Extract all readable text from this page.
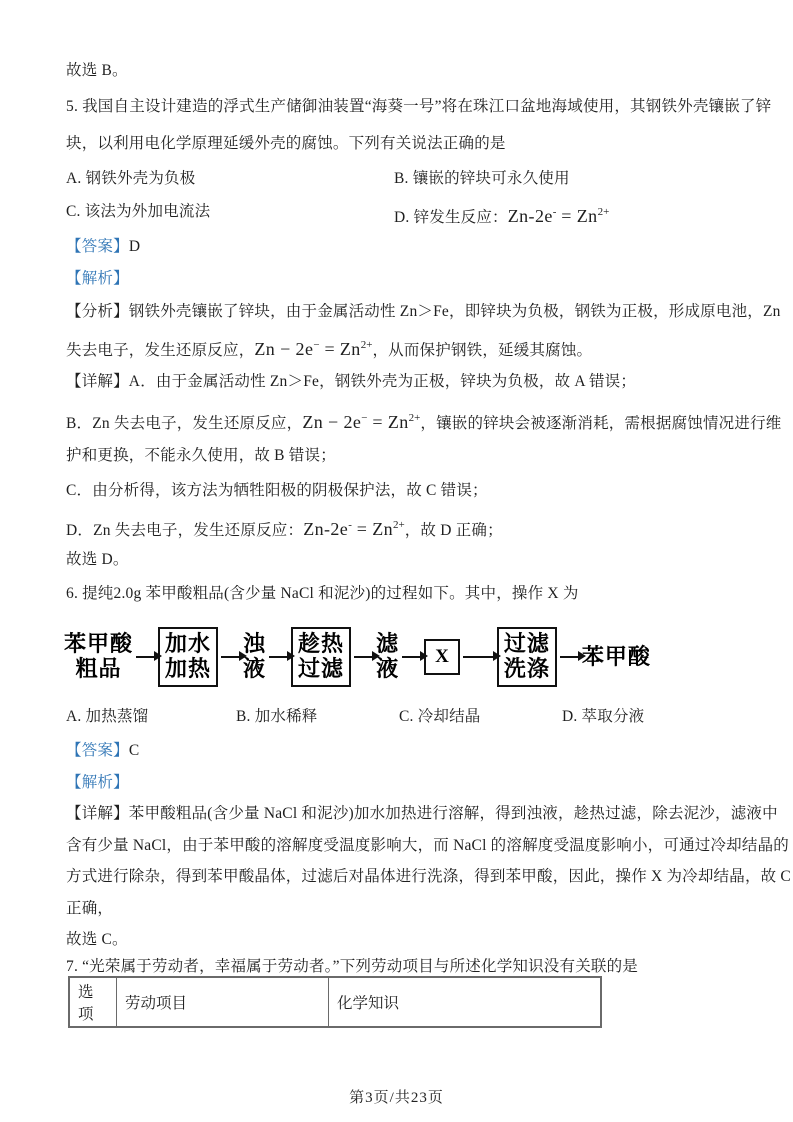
故选 B。
5. 我国自主设计建造的浮式生产储御油装置“海葵一号”将在珠江口盆地海域使用，其钢铁外壳镶嵌了锌
块，以利用电化学原理延缓外壳的腐蚀。下列有关说法正确的是
A. 钢铁外壳为负极	B. 镶嵌的锌块可永久使用
C. 该法为外加电流法	D. 锌发生反应：$Zn-2e^- = Zn^{2+}$
【答案】D
【解析】
【分析】钢铁外壳镶嵌了锌块，由于金属活动性 Zn＞Fe，即锌块为负极，钢铁为正极，形成原电池，Zn
失去电子，发生还原反应，$Zn - 2e^- = Zn^{2+}$，从而保护钢铁，延缓其腐蚀。
【详解】A．由于金属活动性 Zn＞Fe，钢铁外壳为正极，锌块为负极，故 A 错误；
B．Zn 失去电子，发生还原反应，$Zn - 2e^- = Zn^{2+}$，镶嵌的锌块会被逐渐消耗，需根据腐蚀情况进行维
护和更换，不能永久使用，故 B 错误；
C．由分析得，该方法为牺牲阳极的阴极保护法，故 C 错误；
D．Zn 失去电子，发生还原反应：$Zn-2e^- = Zn^{2+}$，故 D 正确；
故选 D。
6. 提纯2.0g 苯甲酸粗品(含少量 NaCl 和泥沙)的过程如下。其中，操作 X 为
苯甲酸
粗品
加水
加热
浊
液
趁热
过滤
滤
液 X
过滤
洗涤 苯甲酸
A. 加热蒸馏	B. 加水稀释	C. 冷却结晶	D. 萃取分液
【答案】C
【解析】
【详解】苯甲酸粗品(含少量 NaCl 和泥沙)加水加热进行溶解，得到浊液，趁热过滤，除去泥沙，滤液中
含有少量 NaCl，由于苯甲酸的溶解度受温度影响大，而 NaCl 的溶解度受温度影响小，可通过冷却结晶的
方式进行除杂，得到苯甲酸晶体，过滤后对晶体进行洗涤，得到苯甲酸，因此，操作 X 为冷却结晶，故 C
正确，
故选 C。
7. “光荣属于劳动者，幸福属于劳动者。”下列劳动项目与所述化学知识没有关联的是
选项	劳动项目	化学知识
第3页/共23页
